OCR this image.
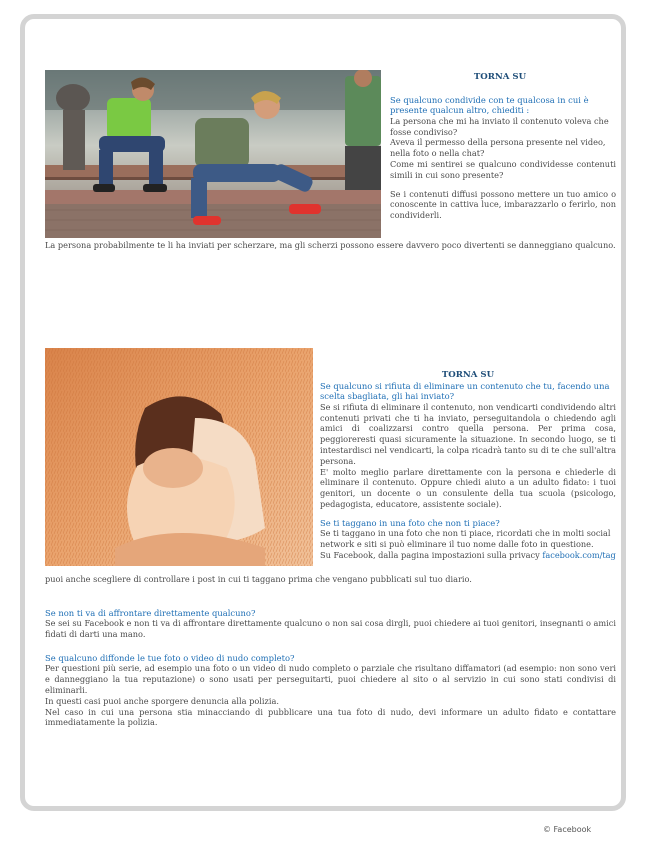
TORNA SU

Se qualcuno condivide con te qualcosa in cui è presente qualcun altro, chiediti :

La persona che mi ha inviato il contenuto voleva che fosse condiviso?

Aveva il permesso della persona presente nel video, nella foto o nella chat?

Come mi sentirei se qualcuno condividesse contenuti simili in cui sono presente?

Se i contenuti diffusi possono mettere un tuo amico o conoscente in cattiva luce, imbarazzarlo o ferirlo, non condividerli.

La persona probabilmente te li ha inviati per scherzare, ma gli scherzi possono essere davvero poco divertenti se danneggiano qualcuno.

TORNA SU

Se qualcuno si rifiuta di eliminare un contenuto che tu, facendo una scelta sbagliata, gli hai inviato?

Se si rifiuta di eliminare il contenuto, non vendicarti condividendo altri contenuti privati che ti ha inviato, perseguitandola o chiedendo agli amici di coalizzarsi contro quella persona. Per prima cosa, peggioreresti quasi sicuramente la situazione. In secondo luogo, se ti intestardisci nel vendicarti, la colpa ricadrà tanto su di te che sull'altra persona.

E' molto meglio parlare direttamente con la persona e chiederle di eliminare il contenuto. Oppure chiedi aiuto a un adulto fidato: i tuoi genitori, un docente o un consulente della tua scuola (psicologo, pedagogista, educatore, assistente sociale).

Se ti taggano in una foto che non ti piace?

Se ti taggano in una foto che non ti piace, ricordati che in molti social network e siti si può eliminare il tuo nome dalle foto in questione.

Su Facebook, dalla pagina impostazioni sulla privacy facebook.com/tag

puoi anche scegliere di controllare i post in cui ti taggano prima che vengano pubblicati sul tuo diario.

Se non ti va di affrontare direttamente qualcuno?

Se sei su Facebook e non ti va di affrontare direttamente qualcuno o non sai cosa dirgli, puoi chiedere ai tuoi genitori, insegnanti o amici fidati di darti una mano.

Se qualcuno diffonde le tue foto o video di nudo completo?

Per questioni più serie, ad esempio una foto o un video di nudo completo o parziale che risultano diffamatori (ad esempio: non sono veri e danneggiano la tua reputazione) o sono usati per perseguitarti, puoi chiedere al sito o al servizio in cui sono stati condivisi di eliminarli.

In questi casi puoi anche sporgere denuncia alla polizia.

Nel caso in cui una persona stia minacciando di pubblicare una tua foto di nudo, devi informare un adulto fidato e contattare immediatamente la polizia.

© Facebook
